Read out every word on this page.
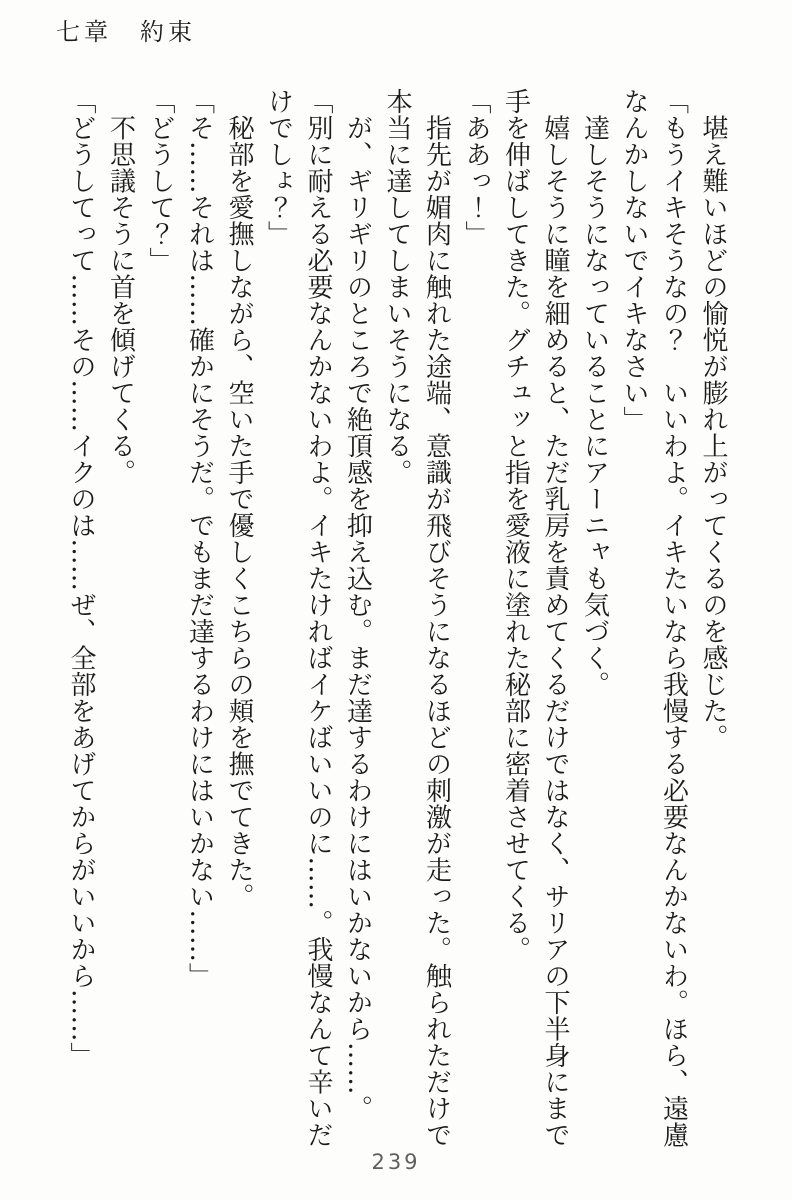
七章　約束

　堪え難いほどの愉悦が膨れ上がってくるのを感じた。

「もうイキそうなの？　いいわよ。イキたいなら我慢する必要なんかないわ。ほら、遠慮

なんかしないでイキなさい」

　達しそうになっていることにアーニャも気づく。

　嬉しそうに瞳を細めると、ただ乳房を責めてくるだけではなく、サリアの下半身にまで

手を伸ばしてきた。グチュッと指を愛液に塗れた秘部に密着させてくる。

「ああっ！」

　指先が媚肉に触れた途端、意識が飛びそうになるほどの刺激が走った。触られただけで

本当に達してしまいそうになる。

　が、ギリギリのところで絶頂感を抑え込む。まだ達するわけにはいかないから……。

「別に耐える必要なんかないわよ。イキたければイケばいいのに……。我慢なんて辛いだ

けでしょ？」

　秘部を愛撫しながら、空いた手で優しくこちらの頬を撫でてきた。

「そ……それは……確かにそうだ。でもまだ達するわけにはいかない……」

「どうして？」

　不思議そうに首を傾げてくる。

「どうしてって……その……イクのは……ぜ、全部をあげてからがいいから……」

239
